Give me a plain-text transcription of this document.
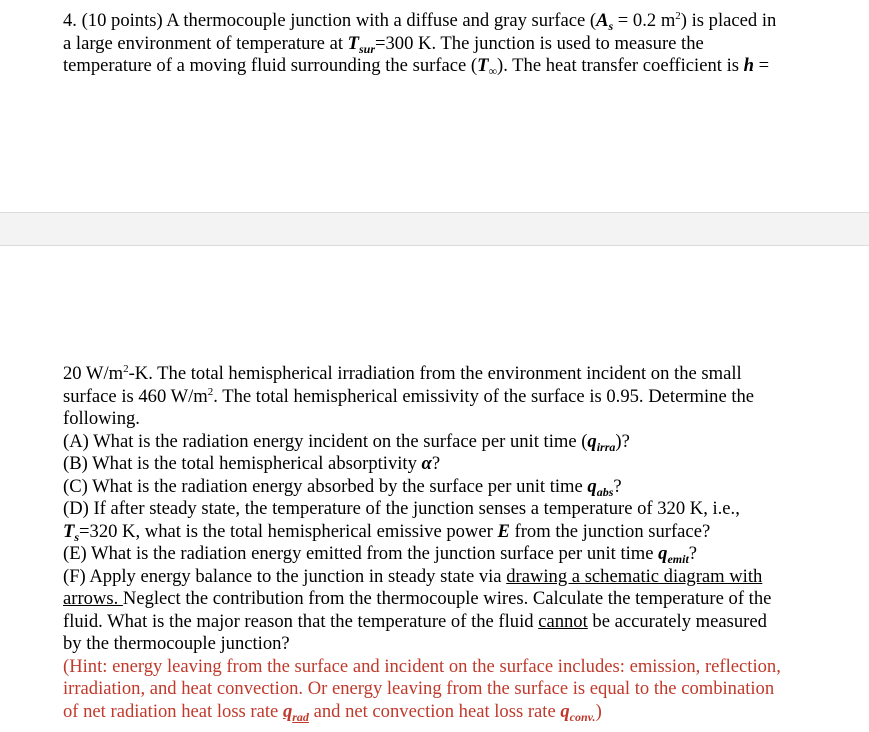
4. (10 points) A thermocouple junction with a diffuse and gray surface ($A_s = 0.2$ $m^2$) is placed in
a large environment of temperature at $T_{sur}=300$ K. The junction is used to measure the
temperature of a moving fluid surrounding the surface $(T_\infty)$. The heat transfer coefficient is h =
20 $W/m^2-K$. The total hemispherical irradiation from the environment incident on the small
surface is 460 $W/m^2$. The total hemispherical emissivity of the surface is 0.95. Determine the
following.
(A) What is the radiation energy incident on the surface per unit time $(q_{irra})$?
(B) What is the total hemispherical absorptivity α?
(C) What is the radiation energy absorbed by the surface per unit time $q_{abs}$?
(D) If after steady state, the temperature of the junction senses a temperature of 320 K, i.e.,
$T_s=320$ K, what is the total hemispherical emissive power E from the junction surface?
(E) What is the radiation energy emitted from the junction surface per unit time $q_{emit}$?
(F) Apply energy balance to the junction in steady state via drawing a schematic diagram with
arrows. Neglect the contribution from the thermocouple wires. Calculate the temperature of the
fluid. What is the major reason that the temperature of the fluid cannot be accurately measured
by the thermocouple junction?
(Hint: energy leaving from the surface and incident on the surface includes: emission, reflection,
irradiation, and heat convection. Or energy leaving from the surface is equal to the combination
of net radiation heat loss rate $q_{rad}$ and net convection heat loss rate $q_{conv.}$)
